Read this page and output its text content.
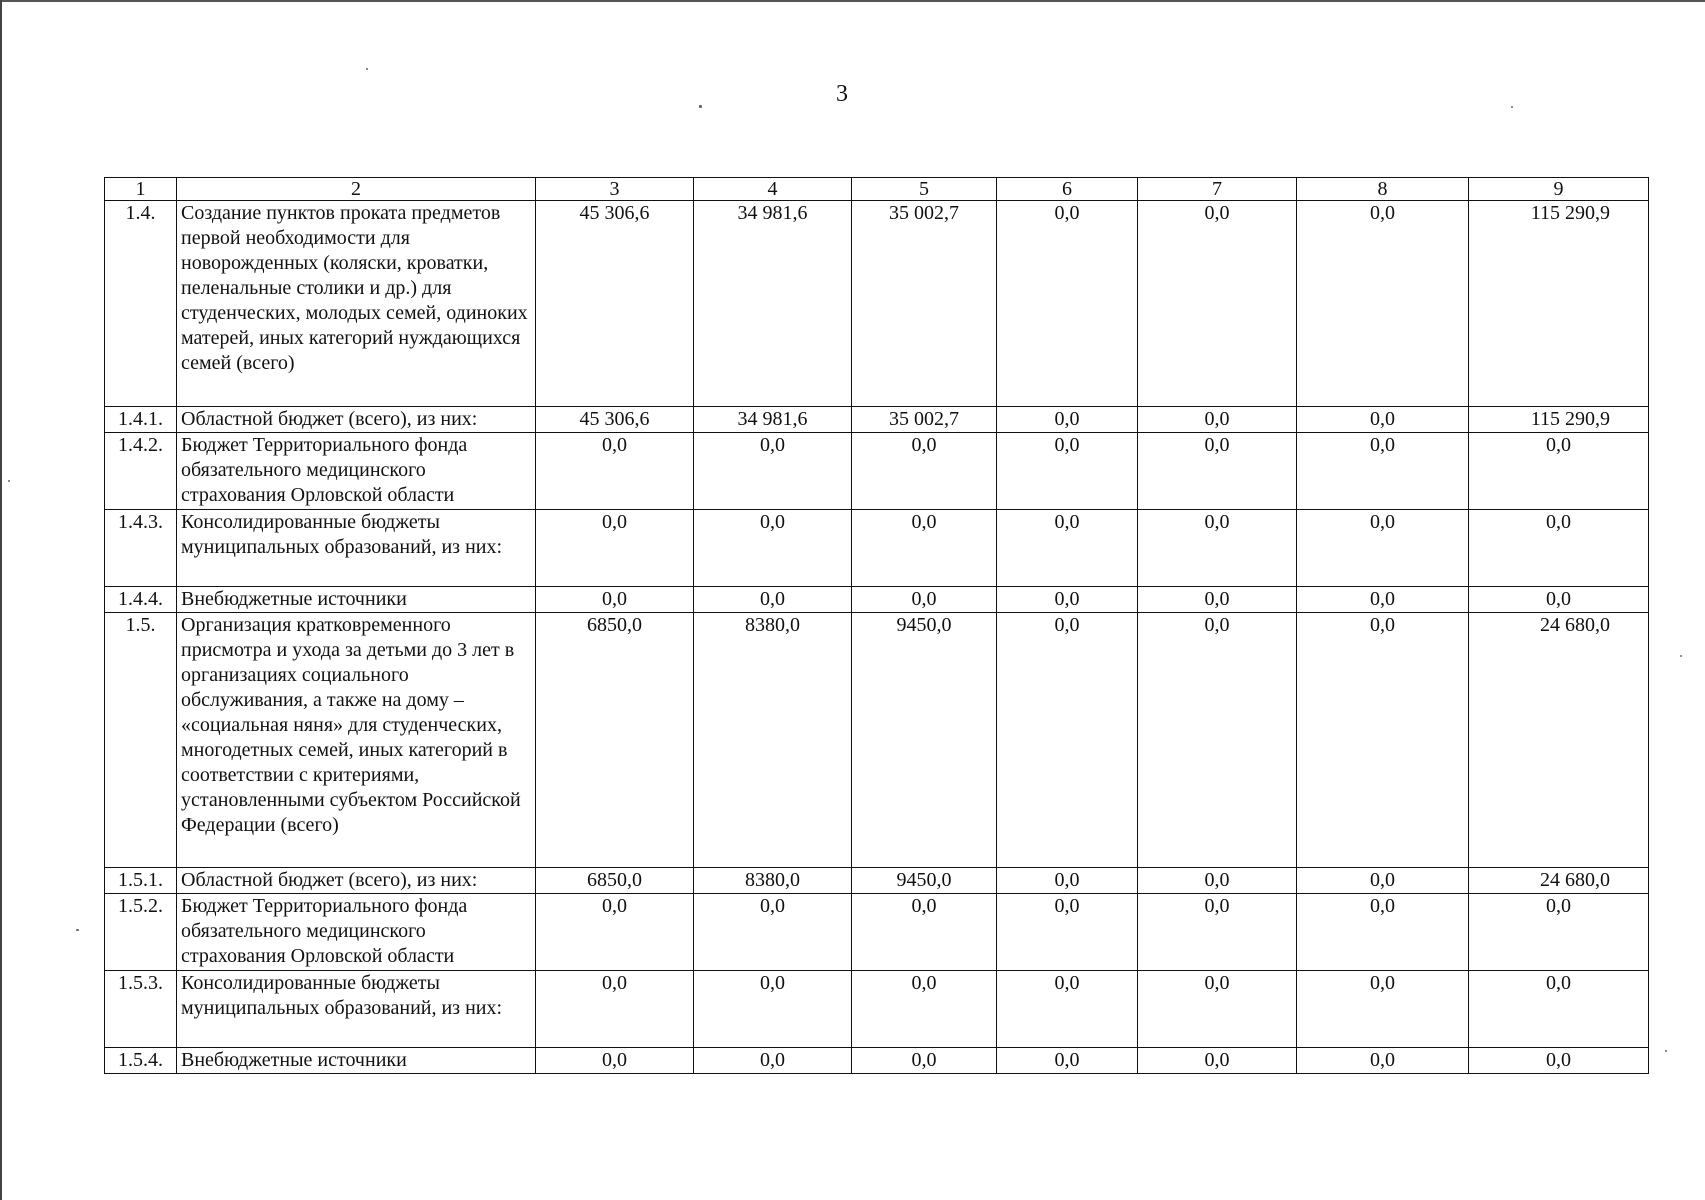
3
1	2	3	4	5	6	7	8	9
1.4.	Создание пунктов проката предметов первой необходимости для новорожденных (коляски, кроватки, пеленальные столики и др.) для студенческих, молодых семей, одиноких матерей, иных категорий нуждающихся семей (всего)	45 306,6	34 981,6	35 002,7	0,0	0,0	0,0	115 290,9
1.4.1.	Областной бюджет (всего), из них:	45 306,6	34 981,6	35 002,7	0,0	0,0	0,0	115 290,9
1.4.2.	Бюджет Территориального фонда обязательного медицинского страхования Орловской области	0,0	0,0	0,0	0,0	0,0	0,0	0,0
1.4.3.	Консолидированные бюджеты муниципальных образований, из них:	0,0	0,0	0,0	0,0	0,0	0,0	0,0
1.4.4.	Внебюджетные источники	0,0	0,0	0,0	0,0	0,0	0,0	0,0
1.5.	Организация кратковременного присмотра и ухода за детьми до 3 лет в организациях социального обслуживания, а также на дому – «социальная няня» для студенческих, многодетных семей, иных категорий в соответствии с критериями, установленными субъектом Российской Федерации (всего)	6850,0	8380,0	9450,0	0,0	0,0	0,0	24 680,0
1.5.1.	Областной бюджет (всего), из них:	6850,0	8380,0	9450,0	0,0	0,0	0,0	24 680,0
1.5.2.	Бюджет Территориального фонда обязательного медицинского страхования Орловской области	0,0	0,0	0,0	0,0	0,0	0,0	0,0
1.5.3.	Консолидированные бюджеты муниципальных образований, из них:	0,0	0,0	0,0	0,0	0,0	0,0	0,0
1.5.4.	Внебюджетные источники	0,0	0,0	0,0	0,0	0,0	0,0	0,0
